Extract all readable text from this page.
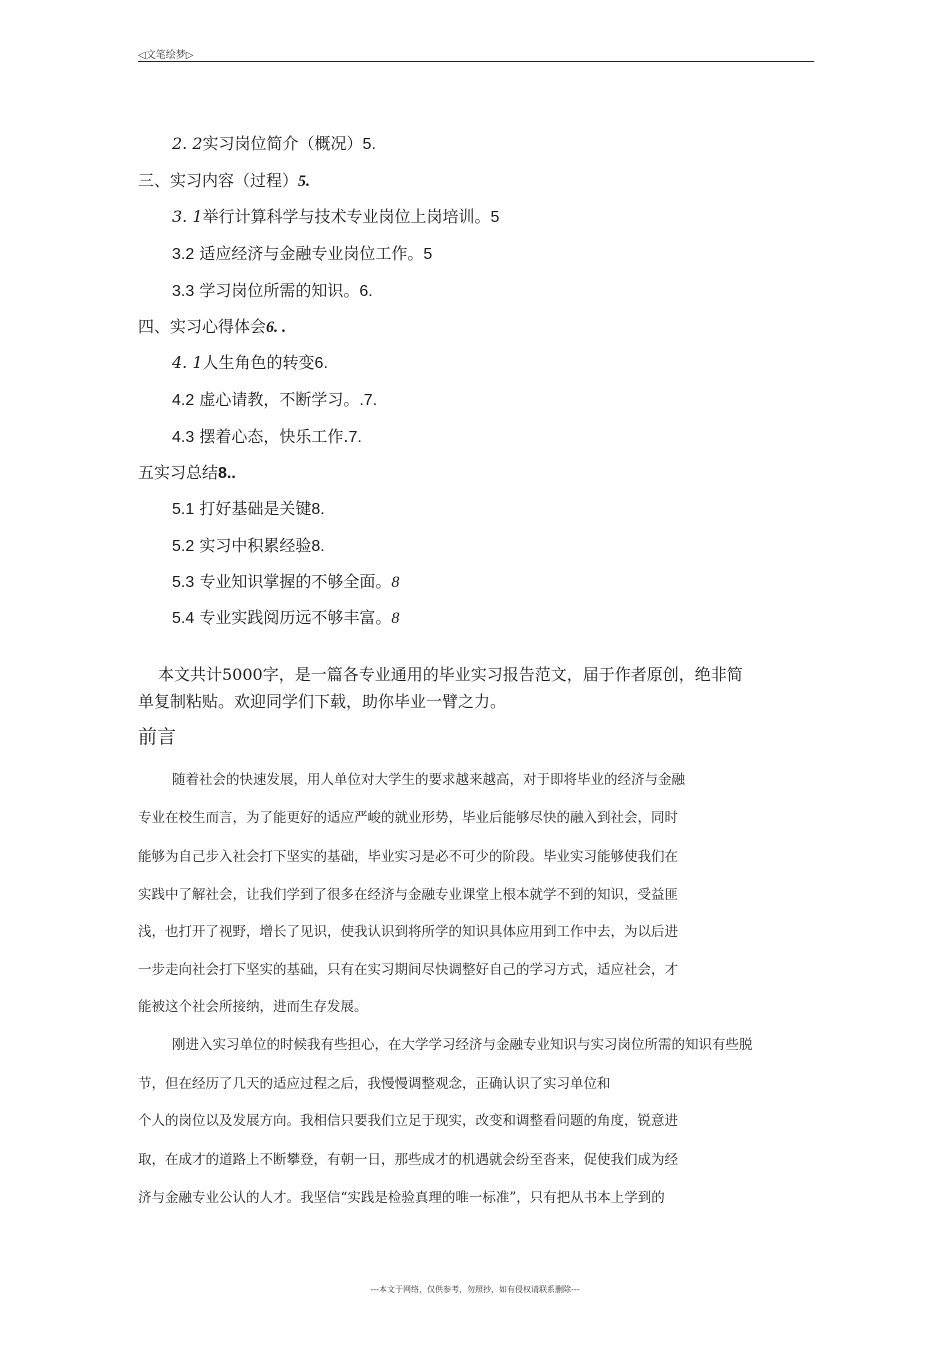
◁文笔绘梦▷
2. 2实习岗位简介（概况）5.
三、实习内容（过程）5.
3. 1举行计算科学与技术专业岗位上岗培训。5
3.2 适应经济与金融专业岗位工作。5
3.3 学习岗位所需的知识。6.
四、实习心得体会6. .
4. 1人生角色的转变6.
4.2 虚心请教，不断学习。.7.
4.3 摆着心态，快乐工作.7.
五实习总结8..
5.1 打好基础是关键8.
5.2 实习中积累经验8.
5.3 专业知识掌握的不够全面。8
5.4 专业实践阅历远不够丰富。8
本文共计5000字，是一篇各专业通用的毕业实习报告范文，届于作者原创，绝非简
单复制粘贴。欢迎同学们下载，助你毕业一臂之力。
前言
随着社会的快速发展，用人单位对大学生的要求越来越高，对于即将毕业的经济与金融
专业在校生而言，为了能更好的适应严峻的就业形势，毕业后能够尽快的融入到社会，同时
能够为自己步入社会打下坚实的基础，毕业实习是必不可少的阶段。毕业实习能够使我们在
实践中了解社会，让我们学到了很多在经济与金融专业课堂上根本就学不到的知识，受益匪
浅，也打开了视野，增长了见识，使我认识到将所学的知识具体应用到工作中去，为以后进
一步走向社会打下坚实的基础，只有在实习期间尽快调整好自己的学习方式，适应社会，才
能被这个社会所接纳，进而生存发展。
刚进入实习单位的时候我有些担心，在大学学习经济与金融专业知识与实习岗位所需的知识有些脱
节，但在经历了几天的适应过程之后，我慢慢调整观念，正确认识了实习单位和
个人的岗位以及发展方向。我相信只要我们立足于现实，改变和调整看问题的角度，锐意进
取，在成才的道路上不断攀登，有朝一日，那些成才的机遇就会纷至沓来，促使我们成为经
济与金融专业公认的人才。我坚信“实践是检验真理的唯一标准”，只有把从书本上学到的
---本文于网络，仅供参考，勿照抄，如有侵权请联系删除---
